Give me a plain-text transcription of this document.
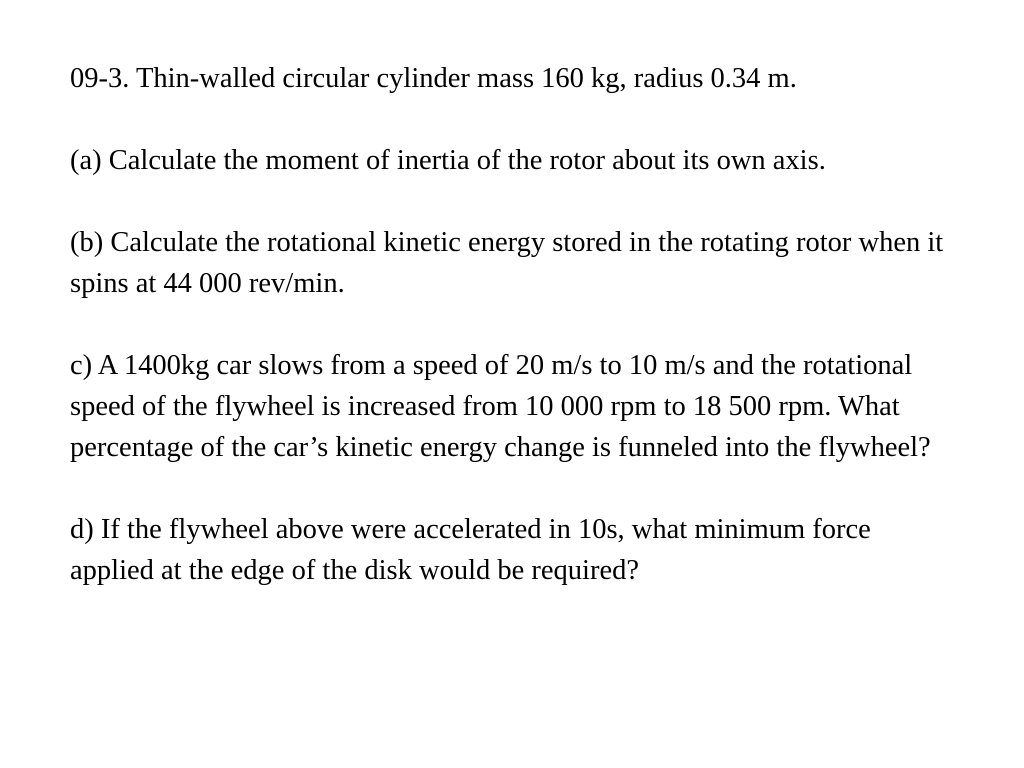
09-3. Thin-walled circular cylinder mass 160 kg, radius 0.34 m.

(a) Calculate the moment of inertia of the rotor about its own axis.

(b) Calculate the rotational kinetic energy stored in the rotating rotor when it spins at 44 000 rev/min.

c) A 1400kg car slows from a speed of 20 m/s to 10 m/s and the rotational speed of the flywheel is increased from 10 000 rpm to 18 500 rpm. What percentage of the car’s kinetic energy change is funneled into the flywheel?

d) If the flywheel above were accelerated in 10s, what minimum force applied at the edge of the disk would be required?
